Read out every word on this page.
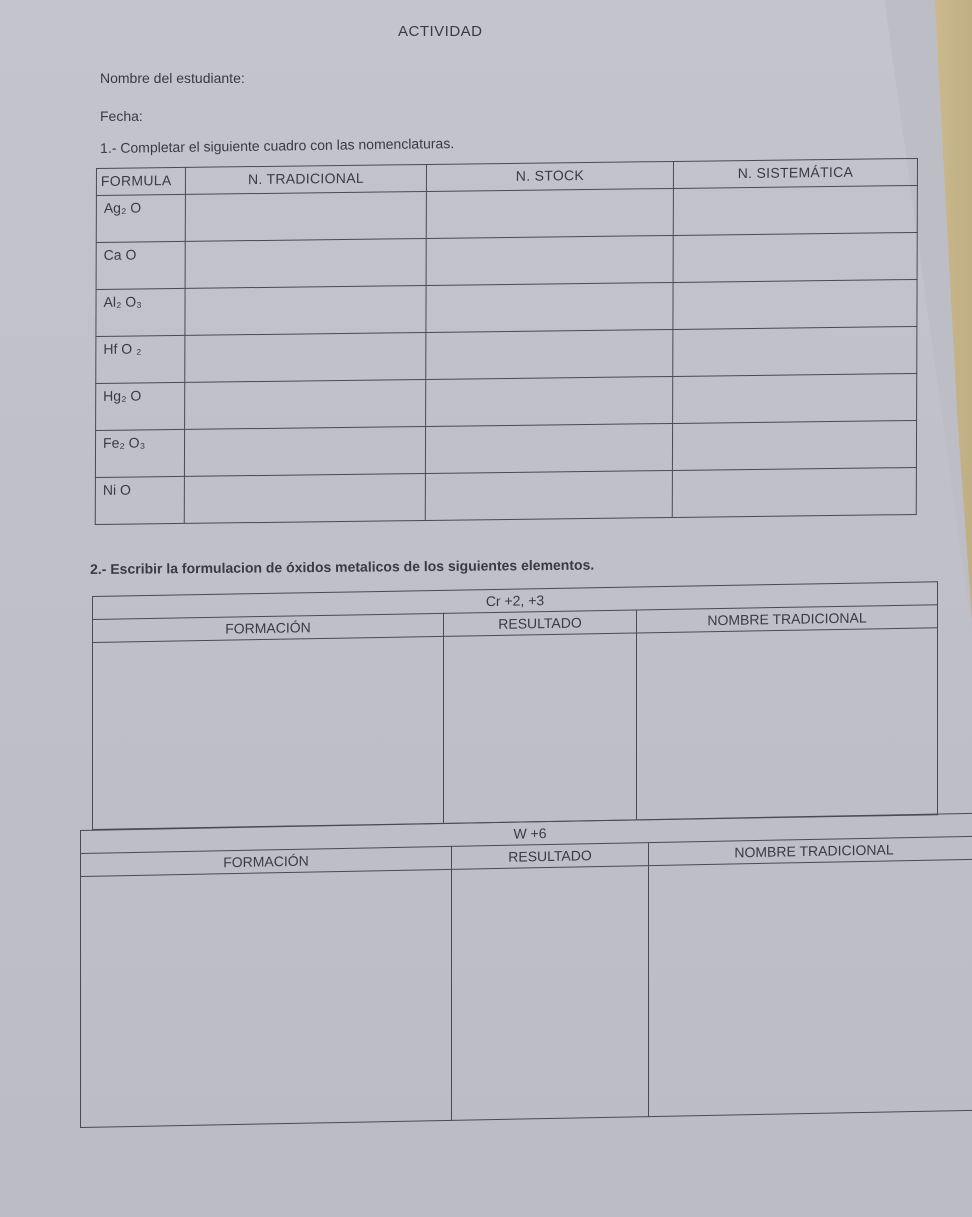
ACTIVIDAD
Nombre del estudiante:
Fecha:
1.- Completar el siguiente cuadro con las nomenclaturas.
FORMULA	N. TRADICIONAL	N. STOCK	N. SISTEMÁTICA
Ag₂ O			
Ca O			
Al₂ O₃			
Hf O ₂			
Hg₂ O			
Fe₂ O₃			
Ni O			
2.- Escribir la formulacion de óxidos metalicos de los siguientes elementos.
Cr +2, +3		
FORMACIÓN	RESULTADO	NOMBRE TRADICIONAL

W +6		
FORMACIÓN	RESULTADO	NOMBRE TRADICIONAL
